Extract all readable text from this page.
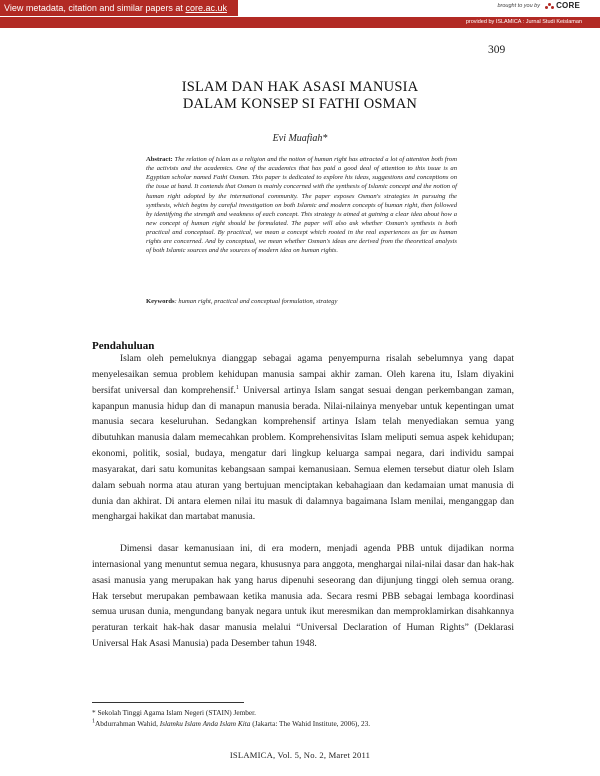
View metadata, citation and similar papers at core.ac.uk	brought to you by CORE
provided by ISLAMICA : Jurnal Studi Keislaman
309
ISLAM DAN HAK ASASI MANUSIA
DALAM KONSEP SI FATHI OSMAN
Evi Muafiah*
Abstract: The relation of Islam as a religion and the notion of human right has attracted a lot of attention both from the activists and the academics. One of the academics that has paid a good deal of attention to this issue is an Egyptian scholar named Fathi Osman. This paper is dedicated to explore his ideas, suggestions and conceptions on the issue at hand. It contends that Osman is mainly concerned with the synthesis of Islamic concept and the notion of human right adopted by the international community. The paper exposes Osman's strategies in pursuing the synthesis, which begins by careful investigation on both Islamic and modern concepts of human right, then followed by identifying the strength and weakness of each concept. This strategy is aimed at gaining a clear idea about how a new concept of human right should be formulated. The paper will also ask whether Osman's synthesis is both practical and conceptual. By practical, we mean a concept which rooted in the real experiences as far as human rights are concerned. And by conceptual, we mean whether Osman's ideas are derived from the theoretical analysis of both Islamic sources and the sources of modern idea on human rights.
Keywords: human right, practical and conceptual formulation, strategy
Pendahuluan
Islam oleh pemeluknya dianggap sebagai agama penyempurna risalah sebelumnya yang dapat menyelesaikan semua problem kehidupan manusia sampai akhir zaman. Oleh karena itu, Islam diyakini bersifat universal dan komprehensif.$^1$ Universal artinya Islam sangat sesuai dengan perkembangan zaman, kapanpun manusia hidup dan di manapun manusia berada. Nilai-nilainya menyebar untuk kepentingan umat manusia secara keseluruhan. Sedangkan komprehensif artinya Islam telah menyediakan semua yang dibutuhkan manusia dalam memecahkan problem. Komprehensivitas Islam meliputi semua aspek kehidupan; ekonomi, politik, sosial, budaya, mengatur dari lingkup keluarga sampai negara, dari individu sampai masyarakat, dari satu komunitas kebangsaan sampai kemanusiaan. Semua elemen tersebut diatur oleh Islam dalam sebuah norma atau aturan yang bertujuan menciptakan kebahagiaan dan kedamaian umat manusia di dunia dan akhirat. Di antara elemen nilai itu masuk di dalamnya bagaimana Islam menilai, menganggap dan menghargai hakikat dan martabat manusia.
Dimensi dasar kemanusiaan ini, di era modern, menjadi agenda PBB untuk dijadikan norma internasional yang menuntut semua negara, khususnya para anggota, menghargai nilai-nilai dasar dan hak-hak asasi manusia yang merupakan hak yang harus dipenuhi seseorang dan dijunjung tinggi oleh semua orang. Hak tersebut merupakan pembawaan ketika manusia ada. Secara resmi PBB sebagai lembaga koordinasi semua urusan dunia, mengundang banyak negara untuk ikut meresmikan dan memproklamirkan disahkannya peraturan terkait hak-hak dasar manusia melalui “Universal Declaration of Human Rights” (Deklarasi Universal Hak Asasi Manusia) pada Desember tahun 1948.
* Sekolah Tinggi Agama Islam Negeri (STAIN) Jember.
$^1$Abdurrahman Wahid, Islamku Islam Anda Islam Kita (Jakarta: The Wahid Institute, 2006), 23.
ISLAMICA, Vol. 5, No. 2, Maret 2011
